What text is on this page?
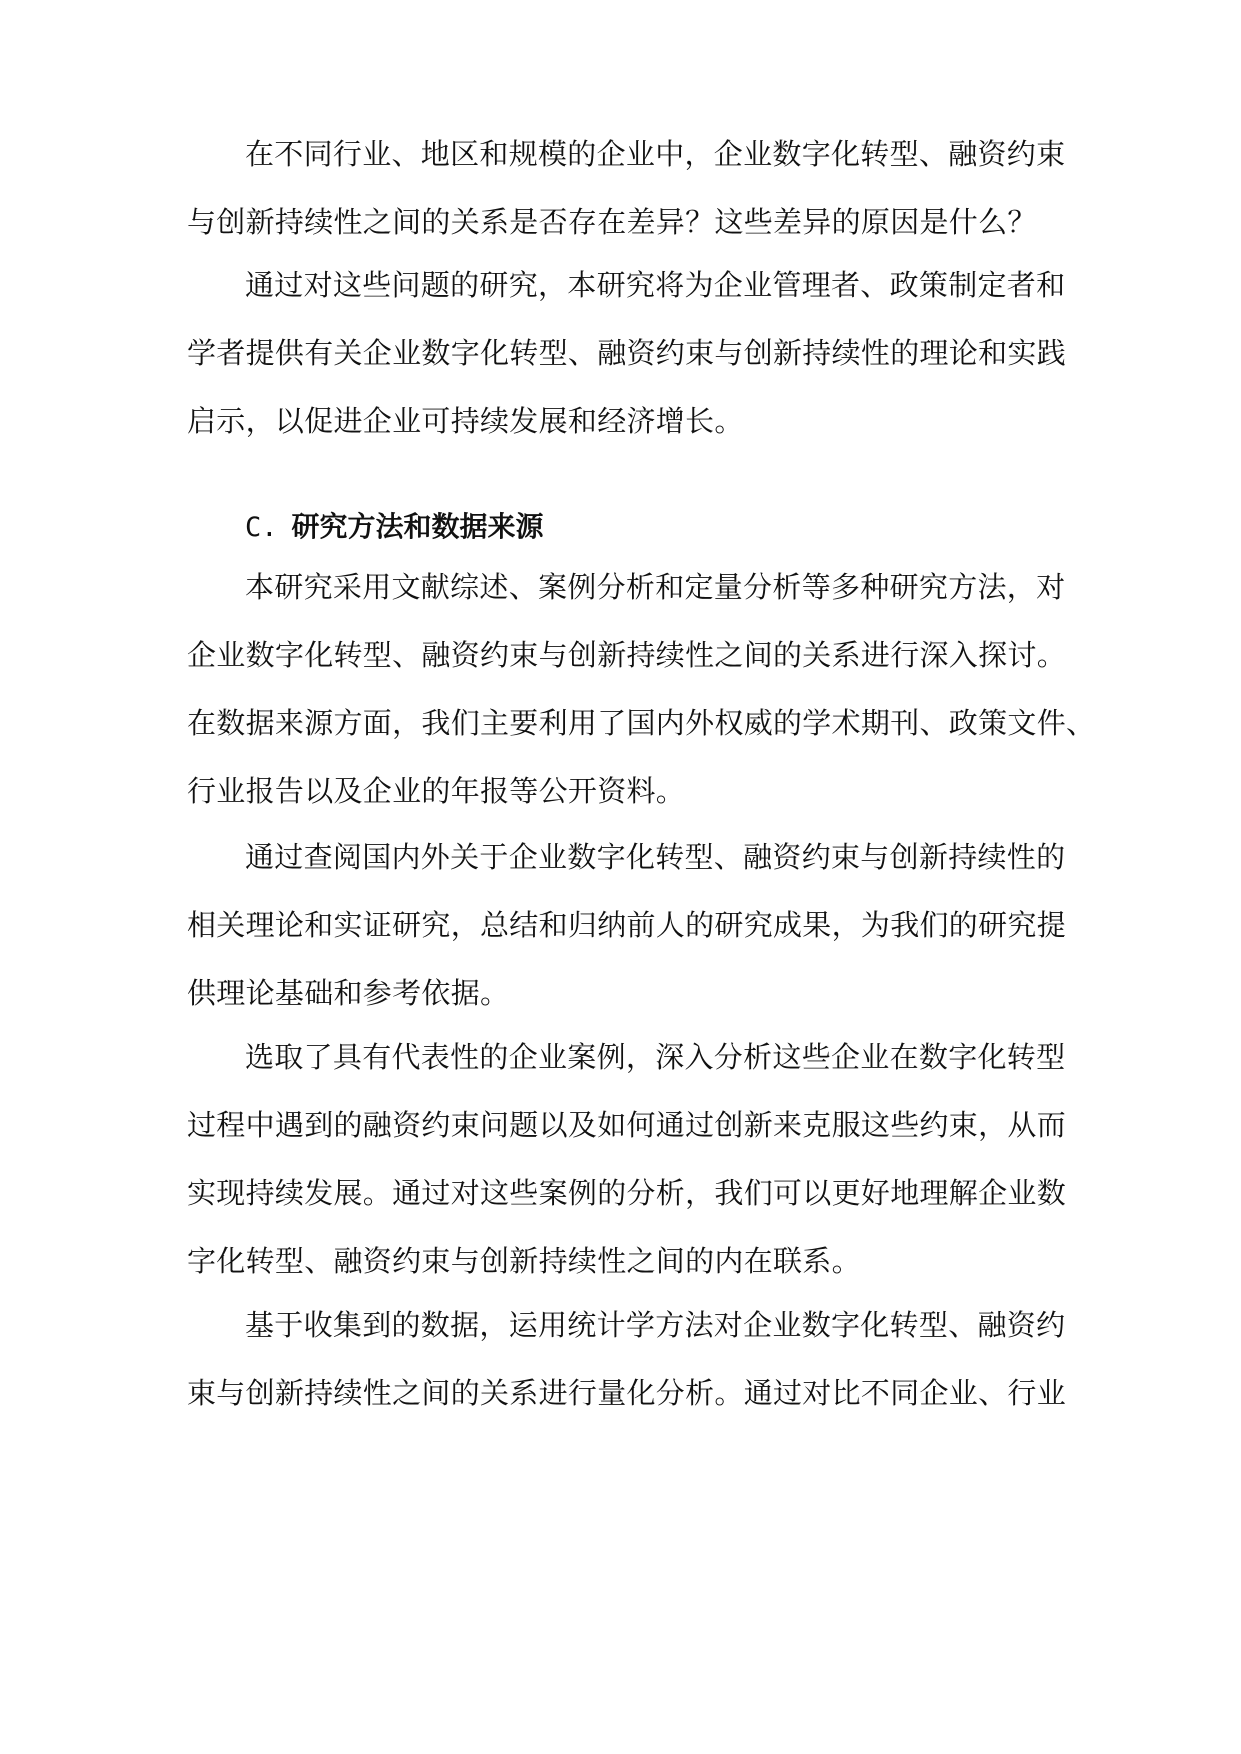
在不同行业、地区和规模的企业中，企业数字化转型、融资约束
与创新持续性之间的关系是否存在差异？这些差异的原因是什么？
通过对这些问题的研究，本研究将为企业管理者、政策制定者和
学者提供有关企业数字化转型、融资约束与创新持续性的理论和实践
启示，以促进企业可持续发展和经济增长。
C. 研究方法和数据来源
本研究采用文献综述、案例分析和定量分析等多种研究方法，对
企业数字化转型、融资约束与创新持续性之间的关系进行深入探讨。
在数据来源方面，我们主要利用了国内外权威的学术期刊、政策文件、
行业报告以及企业的年报等公开资料。
通过查阅国内外关于企业数字化转型、融资约束与创新持续性的
相关理论和实证研究，总结和归纳前人的研究成果，为我们的研究提
供理论基础和参考依据。
选取了具有代表性的企业案例，深入分析这些企业在数字化转型
过程中遇到的融资约束问题以及如何通过创新来克服这些约束，从而
实现持续发展。通过对这些案例的分析，我们可以更好地理解企业数
字化转型、融资约束与创新持续性之间的内在联系。
基于收集到的数据，运用统计学方法对企业数字化转型、融资约
束与创新持续性之间的关系进行量化分析。通过对比不同企业、行业
